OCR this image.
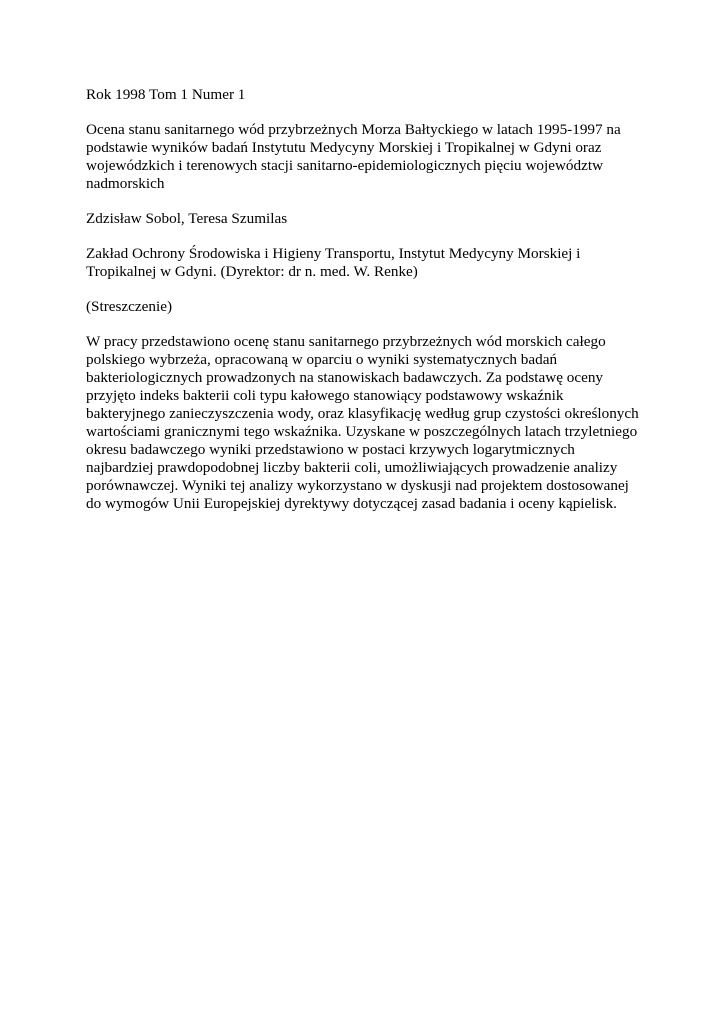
Rok 1998 Tom 1 Numer 1

Ocena stanu sanitarnego wód przybrzeżnych Morza Bałtyckiego w latach 1995-1997 na podstawie wyników badań Instytutu Medycyny Morskiej i Tropikalnej w Gdyni oraz wojewódzkich i terenowych stacji sanitarno-epidemiologicznych pięciu województw nadmorskich

Zdzisław Sobol, Teresa Szumilas

Zakład Ochrony Środowiska i Higieny Transportu, Instytut Medycyny Morskiej i Tropikalnej w Gdyni. (Dyrektor: dr n. med. W. Renke)

(Streszczenie)

W pracy przedstawiono ocenę stanu sanitarnego przybrzeżnych wód morskich całego polskiego wybrzeża, opracowaną w oparciu o wyniki systematycznych badań bakteriologicznych prowadzonych na stanowiskach badawczych. Za podstawę oceny przyjęto indeks bakterii coli typu kałowego stanowiący podstawowy wskaźnik bakteryjnego zanieczyszczenia wody, oraz klasyfikację według grup czystości określonych wartościami granicznymi tego wskaźnika. Uzyskane w poszczególnych latach trzyletniego okresu badawczego wyniki przedstawiono w postaci krzywych logarytmicznych najbardziej prawdopodobnej liczby bakterii coli, umożliwiających prowadzenie analizy porównawczej. Wyniki tej analizy wykorzystano w dyskusji nad projektem dostosowanej do wymogów Unii Europejskiej dyrektywy dotyczącej zasad badania i oceny kąpielisk.
